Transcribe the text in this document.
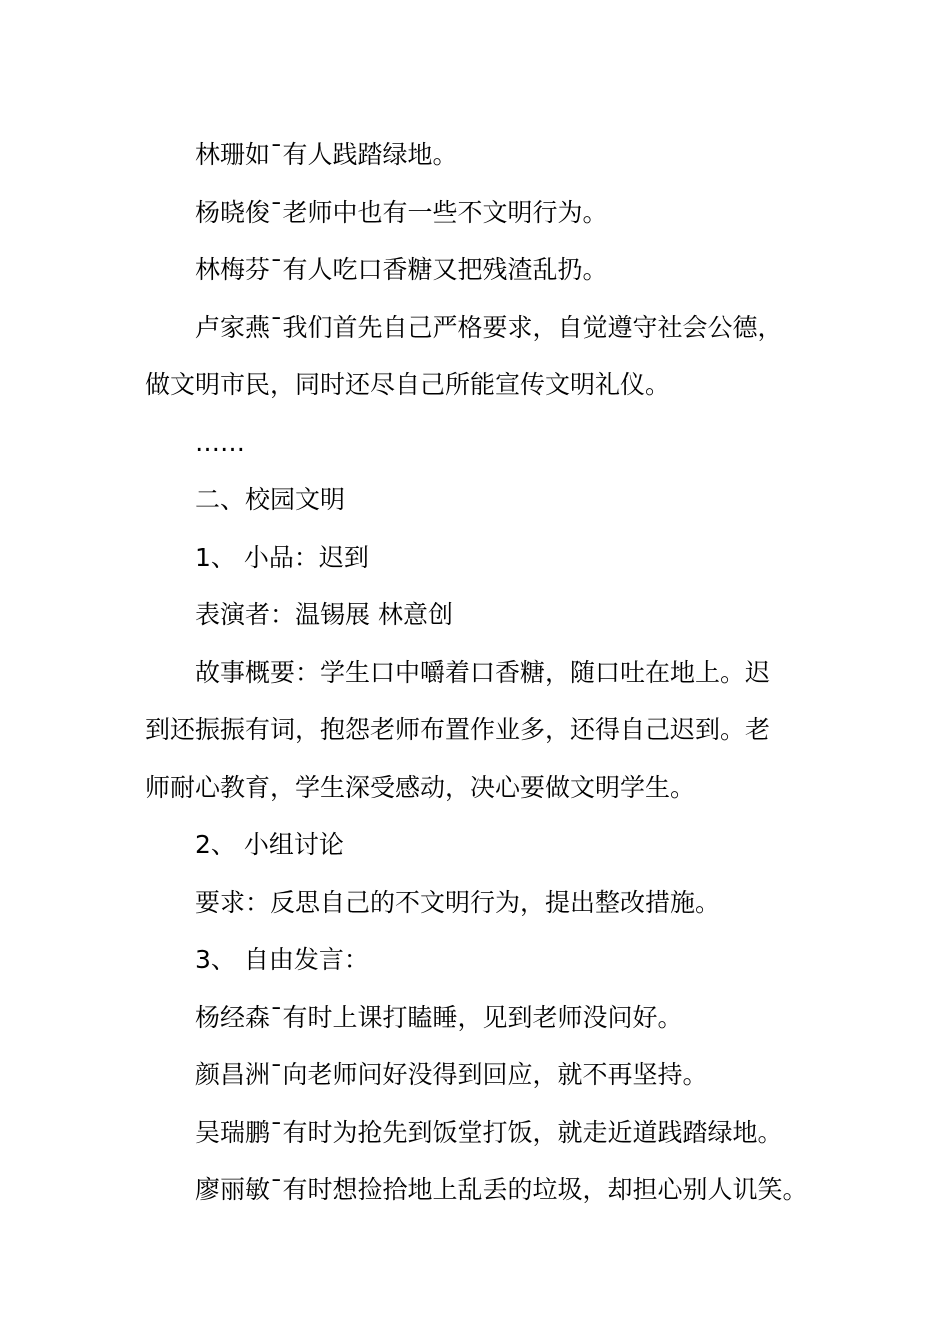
林珊如¯有人践踏绿地。

杨晓俊¯老师中也有一些不文明行为。

林梅芬¯有人吃口香糖又把残渣乱扔。

卢家燕¯我们首先自己严格要求，自觉遵守社会公德，

做文明市民，同时还尽自己所能宣传文明礼仪。

……

二、校园文明

1、 小品：迟到

表演者：温锡展 林意创

故事概要：学生口中嚼着口香糖，随口吐在地上。迟

到还振振有词，抱怨老师布置作业多，还得自己迟到。老

师耐心教育，学生深受感动，决心要做文明学生。

2、 小组讨论

要求：反思自己的不文明行为，提出整改措施。

3、 自由发言：

杨经森¯有时上课打瞌睡，见到老师没问好。

颜昌洲¯向老师问好没得到回应，就不再坚持。

吴瑞鹏¯有时为抢先到饭堂打饭，就走近道践踏绿地。

廖丽敏¯有时想捡拾地上乱丢的垃圾，却担心别人讥笑。
